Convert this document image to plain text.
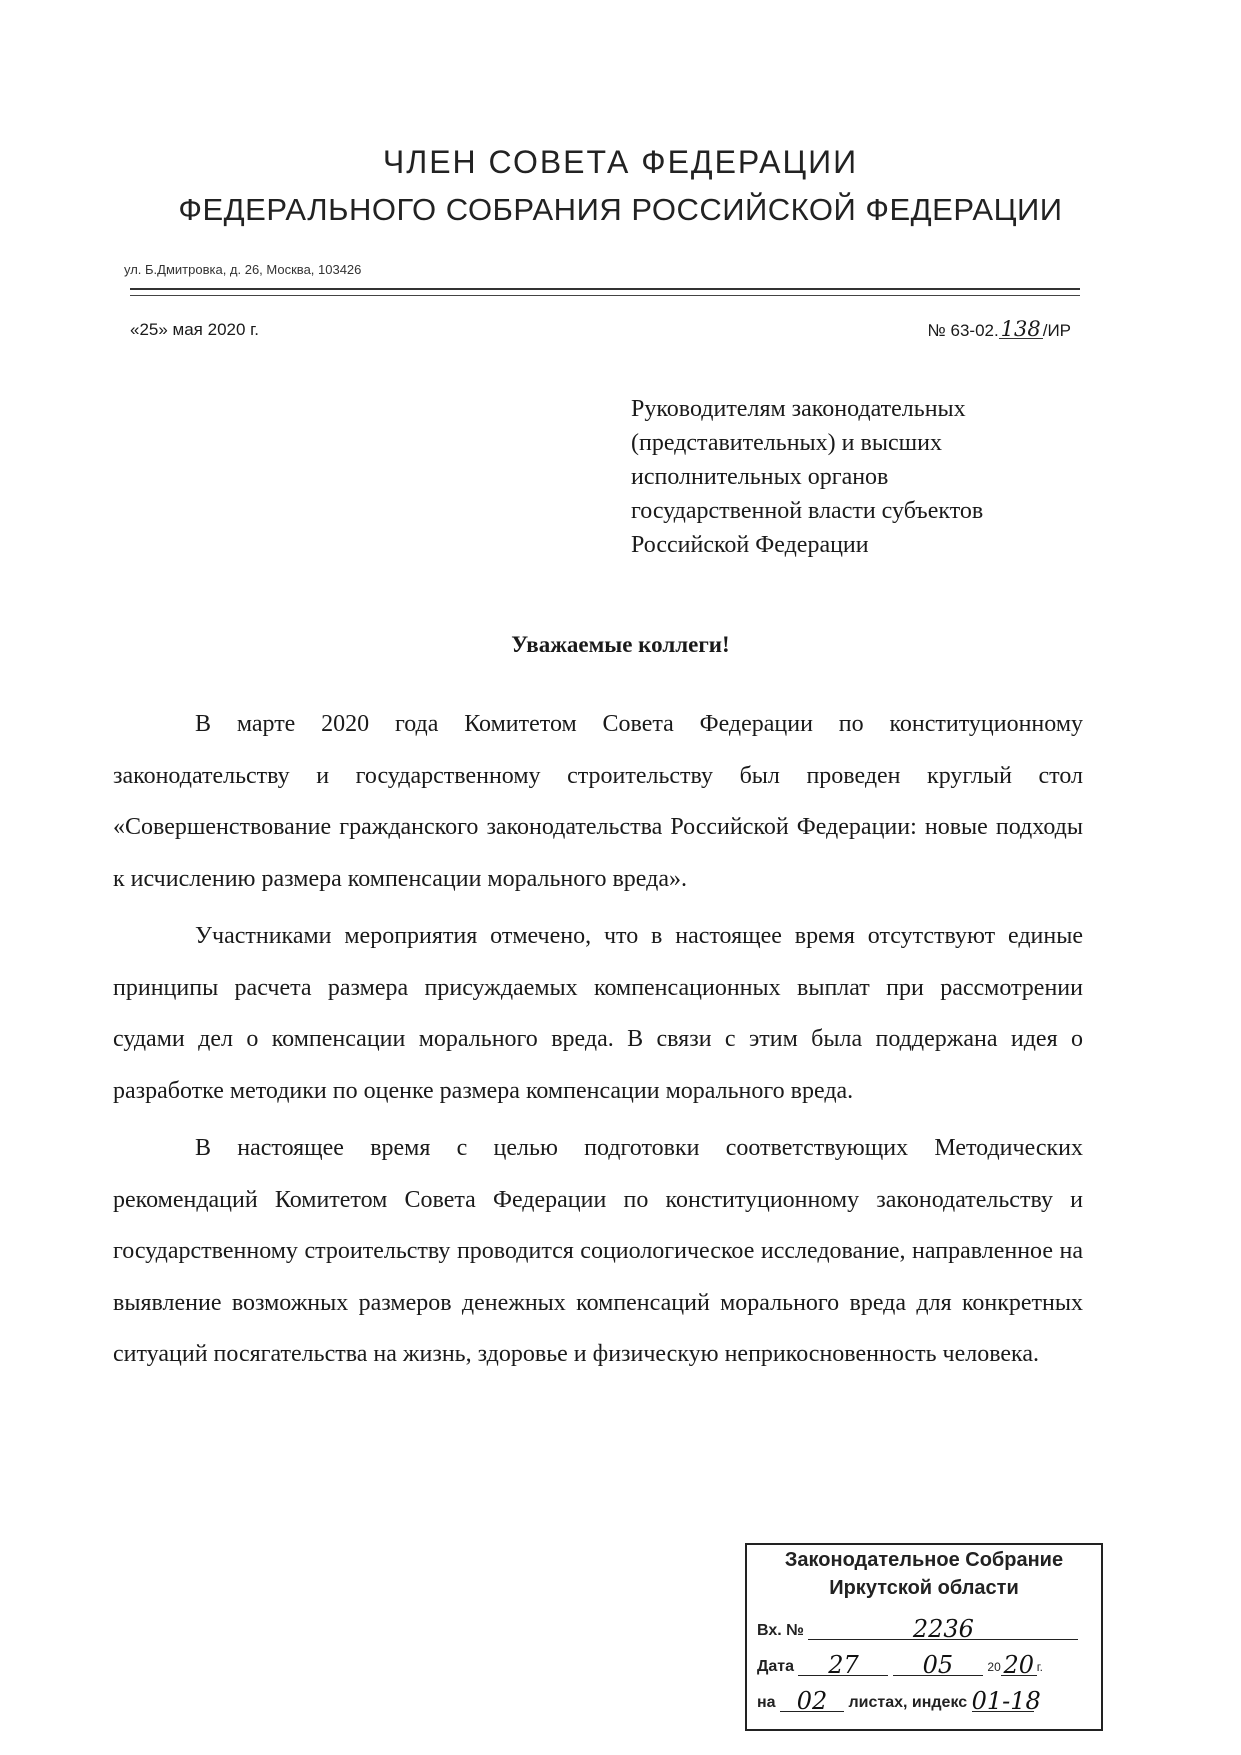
ЧЛЕН СОВЕТА ФЕДЕРАЦИИ
ФЕДЕРАЛЬНОГО СОБРАНИЯ РОССИЙСКОЙ ФЕДЕРАЦИИ
ул. Б.Дмитровка, д. 26, Москва, 103426
«25» мая 2020 г.	№ 63-02.138 /ИР
Руководителям законодательных
(представительных) и высших
исполнительных органов
государственной власти субъектов
Российской Федерации
Уважаемые коллеги!

В марте 2020 года Комитетом Совета Федерации по конституционному законодательству и государственному строительству был проведен круглый стол «Совершенствование гражданского законодательства Российской Федерации: новые подходы к исчислению размера компенсации морального вреда».

Участниками мероприятия отмечено, что в настоящее время отсутствуют единые принципы расчета размера присуждаемых компенсационных выплат при рассмотрении судами дел о компенсации морального вреда. В связи с этим была поддержана идея о разработке методики по оценке размера компенсации морального вреда.

В настоящее время с целью подготовки соответствующих Методических рекомендаций Комитетом Совета Федерации по конституционному законодательству и государственному строительству проводится социологическое исследование, направленное на выявление возможных размеров денежных компенсаций морального вреда для конкретных ситуаций посягательства на жизнь, здоровье и физическую неприкосновенность человека.

Законодательное Собрание
Иркутской области
Вх. №	2236
Дата 27	05	20 20 г.
на 02 листах, индекс 01-18
